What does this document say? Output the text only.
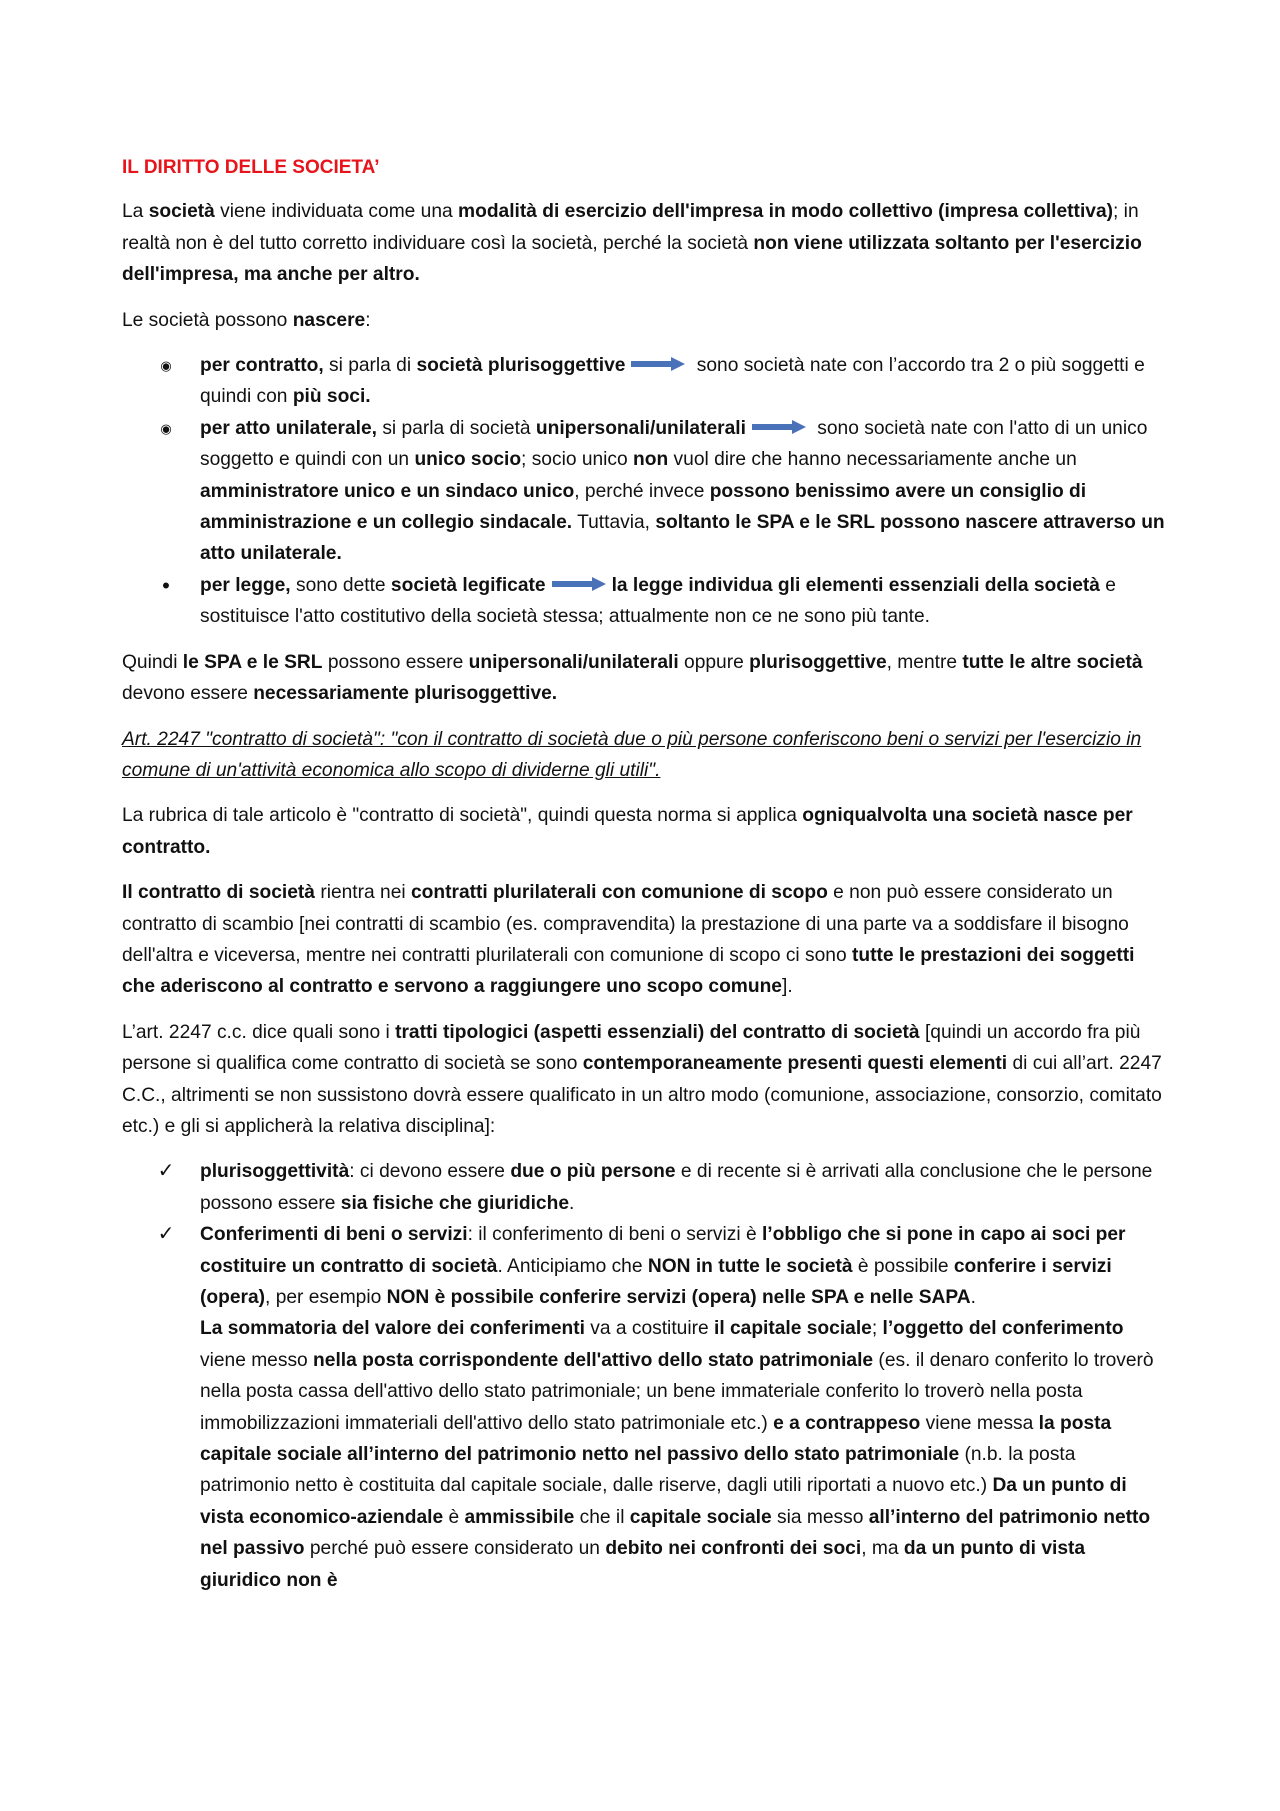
IL DIRITTO DELLE SOCIETA’

La società viene individuata come una modalità di esercizio dell'impresa in modo collettivo (impresa collettiva); in realtà non è del tutto corretto individuare così la società, perché la società non viene utilizzata soltanto per l'esercizio dell'impresa, ma anche per altro.

Le società possono nascere:

◉ per contratto, si parla di società plurisoggettive	sono società nate con l’accordo tra 2 o più soggetti e quindi con più soci.
◉ per atto unilaterale, si parla di società unipersonali/unilaterali	sono società nate con l'atto di un unico soggetto e quindi con un unico socio; socio unico non vuol dire che hanno necessariamente anche un amministratore unico e un sindaco unico, perché invece possono benissimo avere un consiglio di amministrazione e un collegio sindacale. Tuttavia, soltanto le SPA e le SRL possono nascere attraverso un atto unilaterale.
•	per legge, sono dette società legificate	la legge individua gli elementi essenziali della società e sostituisce l'atto costitutivo della società stessa; attualmente non ce ne sono più tante.

Quindi le SPA e le SRL possono essere unipersonali/unilaterali oppure plurisoggettive, mentre tutte le altre società devono essere necessariamente plurisoggettive.

Art. 2247 "contratto di società": "con il contratto di società due o più persone conferiscono beni o servizi per l'esercizio in comune di un'attività economica allo scopo di dividerne gli utili".

La rubrica di tale articolo è "contratto di società", quindi questa norma si applica ogniqualvolta una società nasce per contratto.

Il contratto di società rientra nei contratti plurilaterali con comunione di scopo e non può essere considerato un contratto di scambio [nei contratti di scambio (es. compravendita) la prestazione di una parte va a soddisfare il bisogno dell'altra e viceversa, mentre nei contratti plurilaterali con comunione di scopo ci sono tutte le prestazioni dei soggetti che aderiscono al contratto e servono a raggiungere uno scopo comune].

L’art. 2247 c.c. dice quali sono i tratti tipologici (aspetti essenziali) del contratto di società [quindi un accordo fra più persone si qualifica come contratto di società se sono contemporaneamente presenti questi elementi di cui all’art. 2247 C.C., altrimenti se non sussistono dovrà essere qualificato in un altro modo (comunione, associazione, consorzio, comitato etc.) e gli si applicherà la relativa disciplina]:

✓ plurisoggettività: ci devono essere due o più persone e di recente si è arrivati alla conclusione che le persone possono essere sia fisiche che giuridiche.
✓ Conferimenti di beni o servizi: il conferimento di beni o servizi è l’obbligo che si pone in capo ai soci per costituire un contratto di società. Anticipiamo che NON in tutte le società è possibile conferire i servizi (opera), per esempio NON è possibile conferire servizi (opera) nelle SPA e nelle SAPA.
La sommatoria del valore dei conferimenti va a costituire il capitale sociale; l’oggetto del conferimento viene messo nella posta corrispondente dell'attivo dello stato patrimoniale (es. il denaro conferito lo troverò nella posta cassa dell'attivo dello stato patrimoniale; un bene immateriale conferito lo troverò nella posta immobilizzazioni immateriali dell'attivo dello stato patrimoniale etc.) e a contrappeso viene messa la posta capitale sociale all’interno del patrimonio netto nel passivo dello stato patrimoniale (n.b. la posta patrimonio netto è costituita dal capitale sociale, dalle riserve, dagli utili riportati a nuovo etc.) Da un punto di vista economico-aziendale è ammissibile che il capitale sociale sia messo all’interno del patrimonio netto nel passivo perché può essere considerato un debito nei confronti dei soci, ma da un punto di vista giuridico non è
